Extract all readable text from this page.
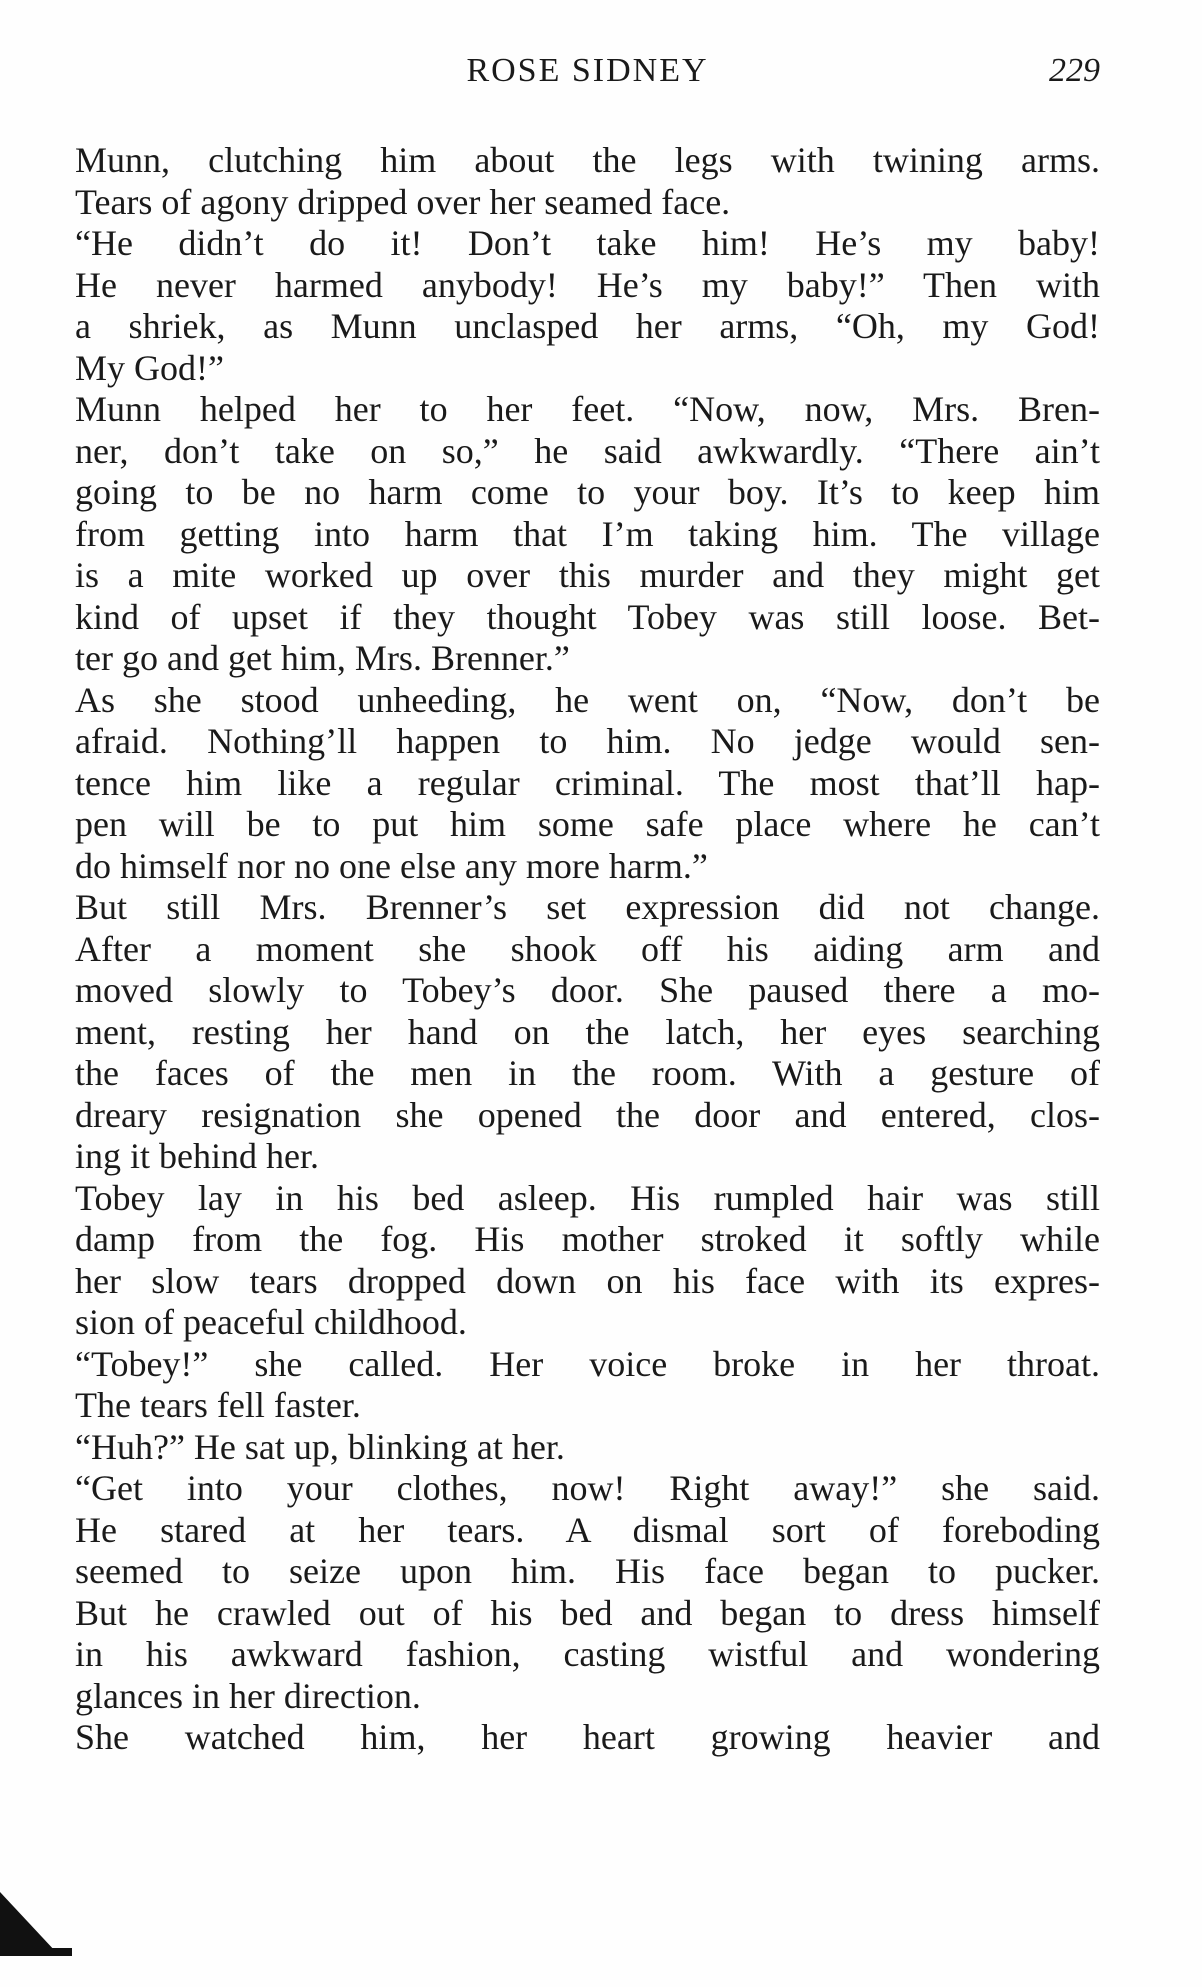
ROSE SIDNEY	229
Munn, clutching him about the legs with twining arms.
Tears of agony dripped over her seamed face.
“He didn’t do it! Don’t take him! He’s my baby!
He never harmed anybody! He’s my baby!” Then with
a shriek, as Munn unclasped her arms, “Oh, my God!
My God!”
Munn helped her to her feet. “Now, now, Mrs. Bren-
ner, don’t take on so,” he said awkwardly. “There ain’t
going to be no harm come to your boy. It’s to keep him
from getting into harm that I’m taking him. The village
is a mite worked up over this murder and they might get
kind of upset if they thought Tobey was still loose. Bet-
ter go and get him, Mrs. Brenner.”
As she stood unheeding, he went on, “Now, don’t be
afraid. Nothing’ll happen to him. No jedge would sen-
tence him like a regular criminal. The most that’ll hap-
pen will be to put him some safe place where he can’t
do himself nor no one else any more harm.”
But still Mrs. Brenner’s set expression did not change.
After a moment she shook off his aiding arm and
moved slowly to Tobey’s door. She paused there a mo-
ment, resting her hand on the latch, her eyes searching
the faces of the men in the room. With a gesture of
dreary resignation she opened the door and entered, clos-
ing it behind her.
Tobey lay in his bed asleep. His rumpled hair was still
damp from the fog. His mother stroked it softly while
her slow tears dropped down on his face with its expres-
sion of peaceful childhood.
“Tobey!” she called. Her voice broke in her throat.
The tears fell faster.
“Huh?” He sat up, blinking at her.
“Get into your clothes, now! Right away!” she said.
He stared at her tears. A dismal sort of foreboding
seemed to seize upon him. His face began to pucker.
But he crawled out of his bed and began to dress himself
in his awkward fashion, casting wistful and wondering
glances in her direction.
She watched him, her heart growing heavier and
